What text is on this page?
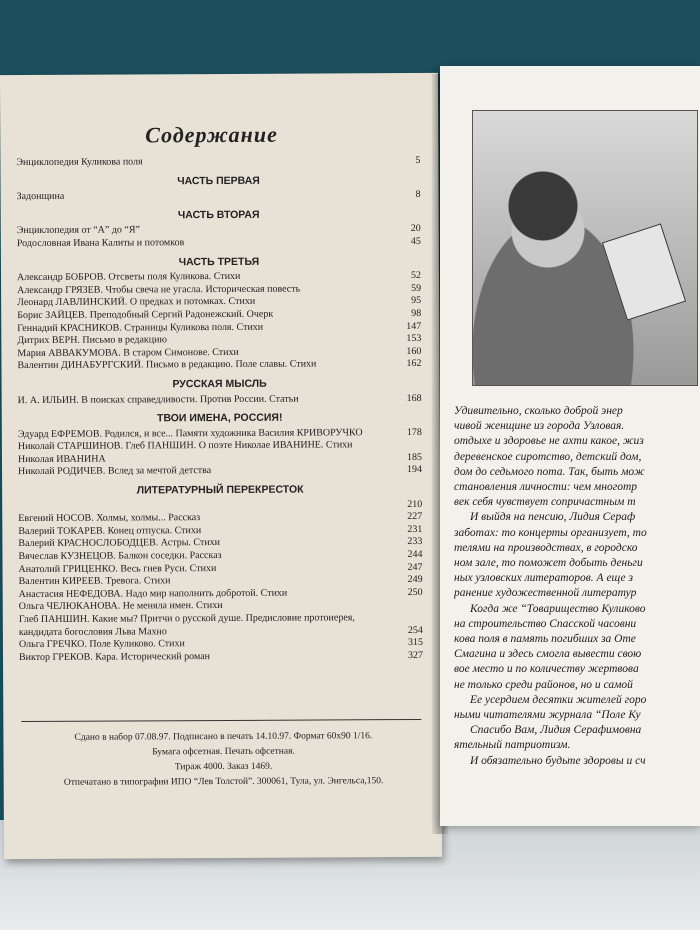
Содержание
Энциклопедия Куликова поля	5
ЧАСТЬ ПЕРВАЯ
Задонщина	8
ЧАСТЬ ВТОРАЯ
Энциклопедия от “А” до “Я”	20
Родословная Ивана Калиты и потомков	45
ЧАСТЬ ТРЕТЬЯ
Александр БОБРОВ. Отсветы поля Куликова. Стихи	52
Александр ГРЯЗЕВ. Чтобы свеча не угасла. Историческая повесть	59
Леонард ЛАВЛИНСКИЙ. О предках и потомках. Стихи	95
Борис ЗАЙЦЕВ. Преподобный Сергий Радонежский. Очерк	98
Геннадий КРАСНИКОВ. Страницы Куликова поля. Стихи	147
Дитрих ВЕРН. Письмо в редакцию	153
Мария АВВАКУМОВА. В старом Симонове. Стихи	160
Валентин ДИНАБУРГСКИЙ. Письмо в редакцию. Поле славы. Стихи	162
РУССКАЯ МЫСЛЬ
И. А. ИЛЬИН. В поисках справедливости. Против России. Статьи	168
ТВОИ ИМЕНА, РОССИЯ!
Эдуард ЕФРЕМОВ. Родился, и все... Памяти художника Василия КРИВОРУЧКО	178
Николай СТАРШИНОВ. Глеб ПАНШИН. О поэте Николае ИВАНИНЕ. Стихи Николая ИВАНИНА	185
Николай РОДИЧЕВ. Вслед за мечтой детства	194
ЛИТЕРАТУРНЫЙ ПЕРЕКРЕСТОК
210
Евгений НОСОВ. Холмы, холмы... Рассказ	227
Валерий ТОКАРЕВ. Конец отпуска. Стихи	231
Валерий КРАСНОСЛОБОДЦЕВ. Астры. Стихи	233
Вячеслав КУЗНЕЦОВ. Балкон соседки. Рассказ	244
Анатолий ГРИЦЕНКО. Весь гнев Руси. Стихи	247
Валентин КИРЕЕВ. Тревога. Стихи	249
Анастасия НЕФЕДОВА. Надо мир наполнить добротой. Стихи	250
Ольга ЧЕЛЮКАНОВА. Не меняла имен. Стихи
Глеб ПАНШИН. Какие мы? Притчи о русской душе. Предисловие протоиерея, кандидата богословия Льва Махно	254
Ольга ГРЕЧКО. Поле Куликово. Стихи	315
Виктор ГРЕКОВ. Кара. Исторический роман	327
Сдано в набор 07.08.97. Подписано в печать 14.10.97. Формат 60х90 1/16.
Бумага офсетная. Печать офсетная.
Тираж 4000. Заказ 1469.
Отпечатано в типографии ИПО “Лев Толстой”. 300061, Тула, ул. Энгельса,150.
Удивительно, сколько доброй энер
чивой женщине из города Узловая.
отдыхе и здоровье не ахти какое, жиз
деревенское сиротство, детский дом,
дом до седьмого пота. Так, быть мож
становления личности: чем многотр
век себя чувствует сопричастным т
И выйдя на пенсию, Лидия Сераф
заботах: то концерты организует, то
телями на производствах, в городско
ном зале, то поможет добыть деньги
ных узловских литераторов. А еще з
ранение художественной литератур
Когда же “Товарищество Куликово
на строительство Спасской часовни
кова поля в память погибших за Оте
Смагина и здесь смогла вывести свою
вое место и по количеству жертвова
не только среди районов, но и самой
Ее усердием десятки жителей горо
ными читателями журнала “Поле Ку
Спасибо Вам, Лидия Серафимовна
ятельный патриотизм.
И обязательно будьте здоровы и сч
